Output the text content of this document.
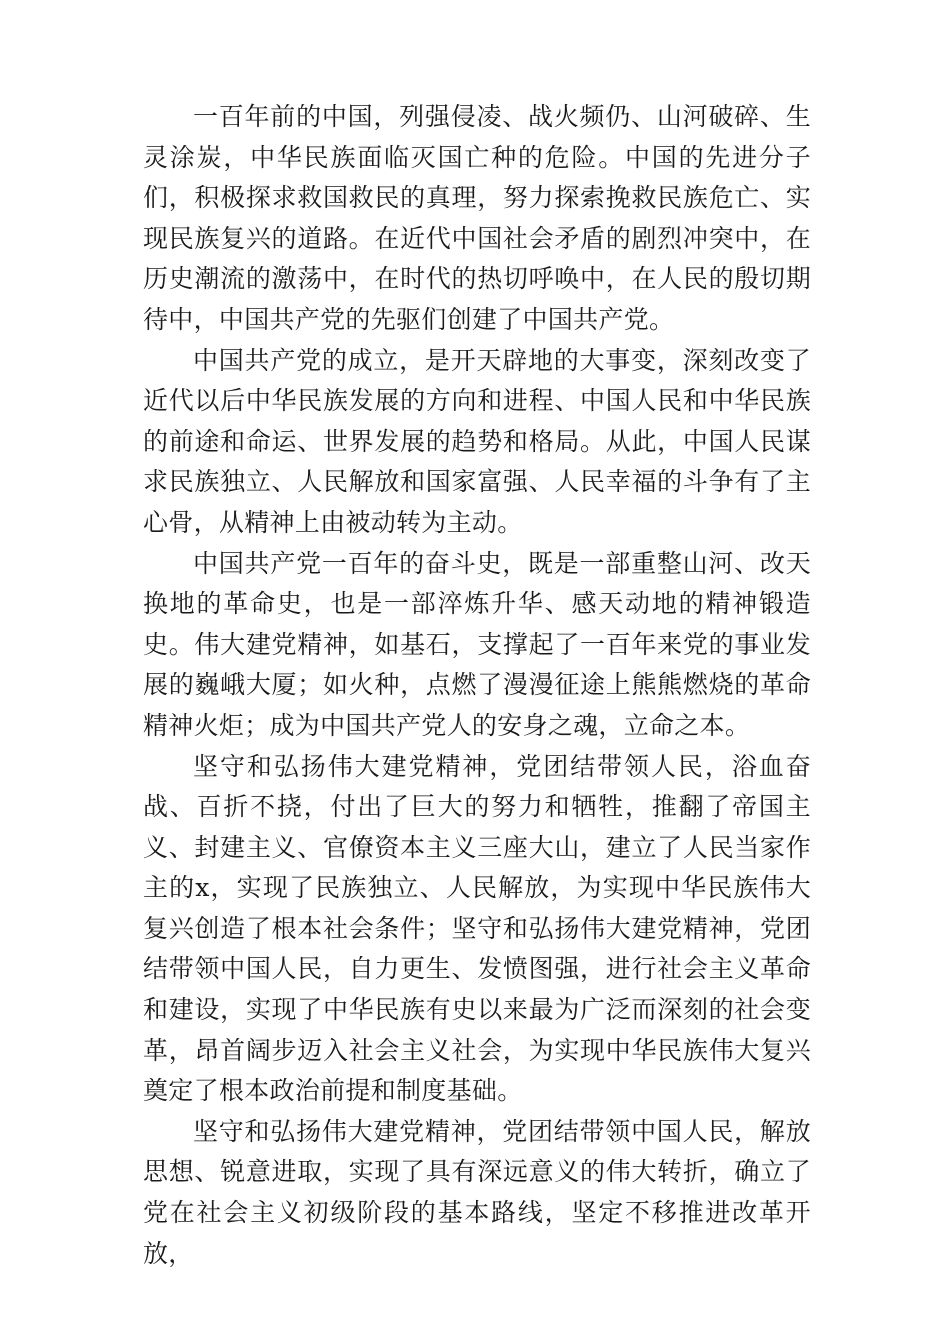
一百年前的中国，列强侵凌、战火频仍、山河破碎、生灵涂炭，中华民族面临灭国亡种的危险。中国的先进分子们，积极探求救国救民的真理，努力探索挽救民族危亡、实现民族复兴的道路。在近代中国社会矛盾的剧烈冲突中，在历史潮流的激荡中，在时代的热切呼唤中，在人民的殷切期待中，中国共产党的先驱们创建了中国共产党。

中国共产党的成立，是开天辟地的大事变，深刻改变了近代以后中华民族发展的方向和进程、中国人民和中华民族的前途和命运、世界发展的趋势和格局。从此，中国人民谋求民族独立、人民解放和国家富强、人民幸福的斗争有了主心骨，从精神上由被动转为主动。

中国共产党一百年的奋斗史，既是一部重整山河、改天换地的革命史，也是一部淬炼升华、感天动地的精神锻造史。伟大建党精神，如基石，支撑起了一百年来党的事业发展的巍峨大厦；如火种，点燃了漫漫征途上熊熊燃烧的革命精神火炬；成为中国共产党人的安身之魂，立命之本。

坚守和弘扬伟大建党精神，党团结带领人民，浴血奋战、百折不挠，付出了巨大的努力和牺牲，推翻了帝国主义、封建主义、官僚资本主义三座大山，建立了人民当家作主的x，实现了民族独立、人民解放，为实现中华民族伟大复兴创造了根本社会条件；坚守和弘扬伟大建党精神，党团结带领中国人民，自力更生、发愤图强，进行社会主义革命和建设，实现了中华民族有史以来最为广泛而深刻的社会变革，昂首阔步迈入社会主义社会，为实现中华民族伟大复兴奠定了根本政治前提和制度基础。

坚守和弘扬伟大建党精神，党团结带领中国人民，解放思想、锐意进取，实现了具有深远意义的伟大转折，确立了党在社会主义初级阶段的基本路线，坚定不移推进改革开放，
